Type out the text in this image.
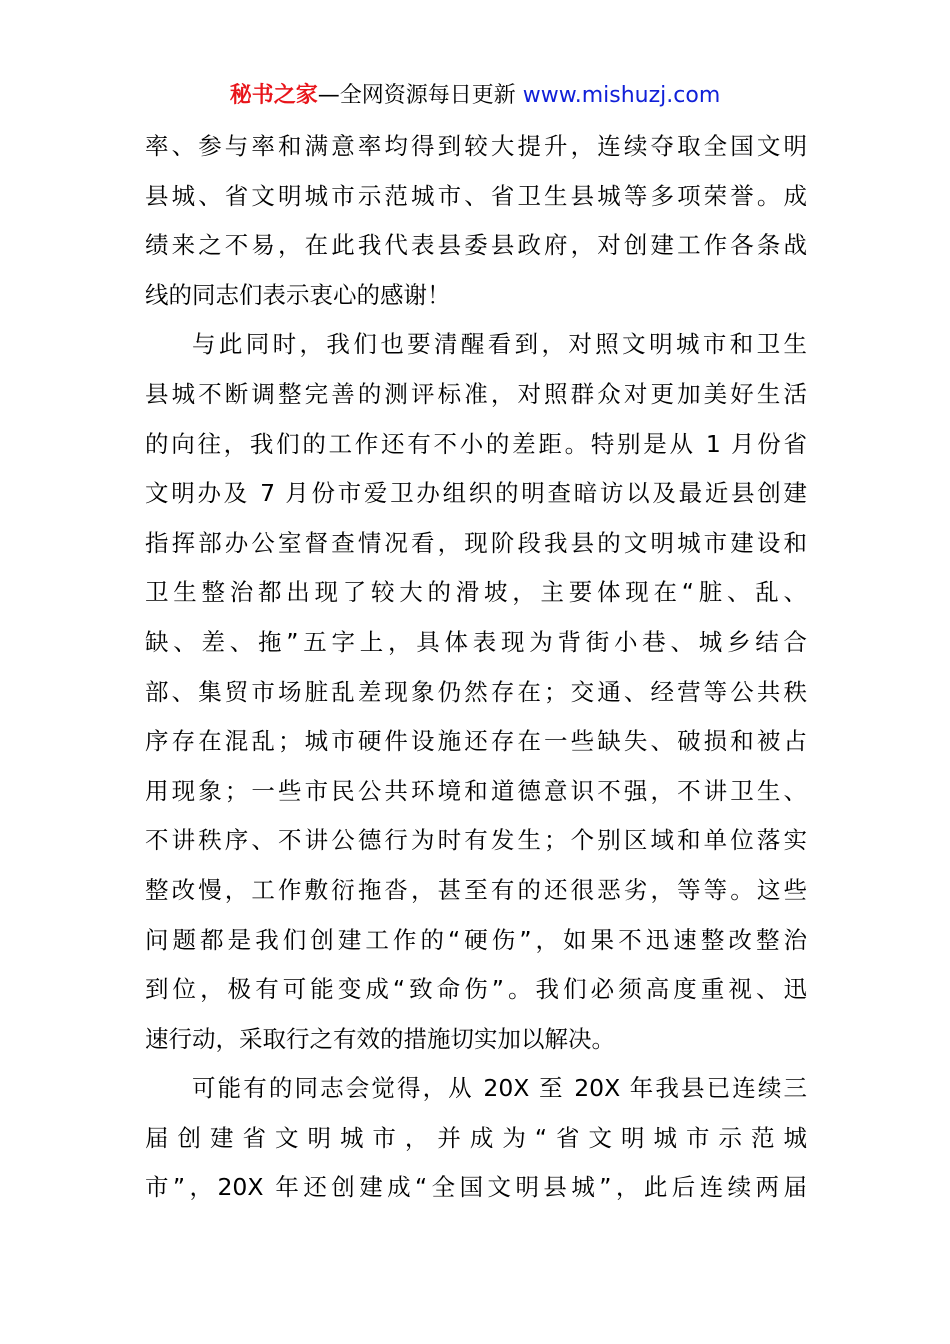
秘书之家—全网资源每日更新 www.mishuzj.com

率、参与率和满意率均得到较大提升，连续夺取全国文明
县城、省文明城市示范城市、省卫生县城等多项荣誉。成
绩来之不易，在此我代表县委县政府，对创建工作各条战
线的同志们表示衷心的感谢！

与此同时，我们也要清醒看到，对照文明城市和卫生
县城不断调整完善的测评标准，对照群众对更加美好生活
的向往，我们的工作还有不小的差距。特别是从 1 月份省
文明办及 7 月份市爱卫办组织的明查暗访以及最近县创建
指挥部办公室督查情况看，现阶段我县的文明城市建设和
卫生整治都出现了较大的滑坡，主要体现在“脏、乱、
缺、差、拖”五字上，具体表现为背街小巷、城乡结合
部、集贸市场脏乱差现象仍然存在；交通、经营等公共秩
序存在混乱；城市硬件设施还存在一些缺失、破损和被占
用现象；一些市民公共环境和道德意识不强，不讲卫生、
不讲秩序、不讲公德行为时有发生；个别区域和单位落实
整改慢，工作敷衍拖沓，甚至有的还很恶劣，等等。这些
问题都是我们创建工作的“硬伤”，如果不迅速整改整治
到位，极有可能变成“致命伤”。我们必须高度重视、迅
速行动，采取行之有效的措施切实加以解决。

可能有的同志会觉得，从 20X 至 20X 年我县已连续三
届创建省文明城市，并成为“省文明城市示范城
市”，20X 年还创建成“全国文明县城”，此后连续两届
